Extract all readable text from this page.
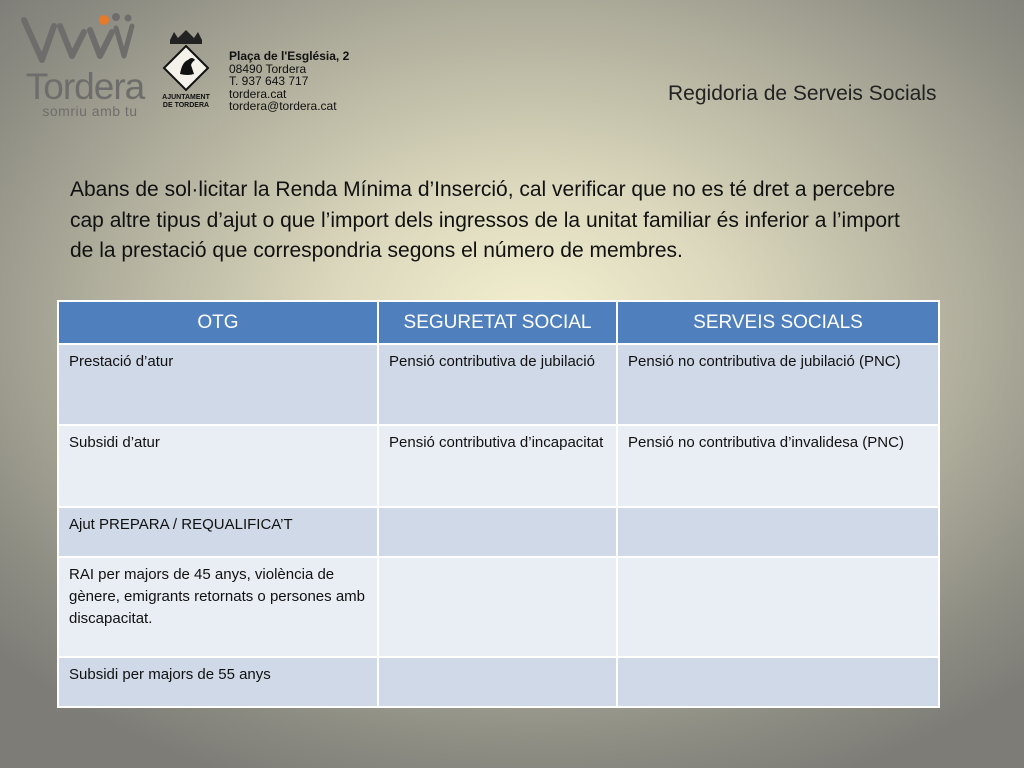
Tordera
somriu amb tu
AJUNTAMENT
DE TORDERA
Plaça de l'Església, 2
08490 Tordera
T. 937 643 717
tordera.cat
tordera@tordera.cat
Regidoria de Serveis Socials
Abans de sol·licitar la Renda Mínima d’Inserció, cal verificar que no es té dret a percebre cap altre tipus d’ajut o que l’import dels ingressos de la unitat familiar és inferior a l’import de la prestació que correspondria segons el número de membres.
OTG	SEGURETAT SOCIAL	SERVEIS SOCIALS
Prestació d’atur	Pensió contributiva de jubilació	Pensió no contributiva de jubilació (PNC)
Subsidi d’atur	Pensió contributiva d’incapacitat	Pensió no contributiva d’invalidesa (PNC)
Ajut PREPARA / REQUALIFICA’T		
RAI per majors de 45 anys, violència de gènere, emigrants retornats o persones amb discapacitat.		
Subsidi per majors de 55 anys		
